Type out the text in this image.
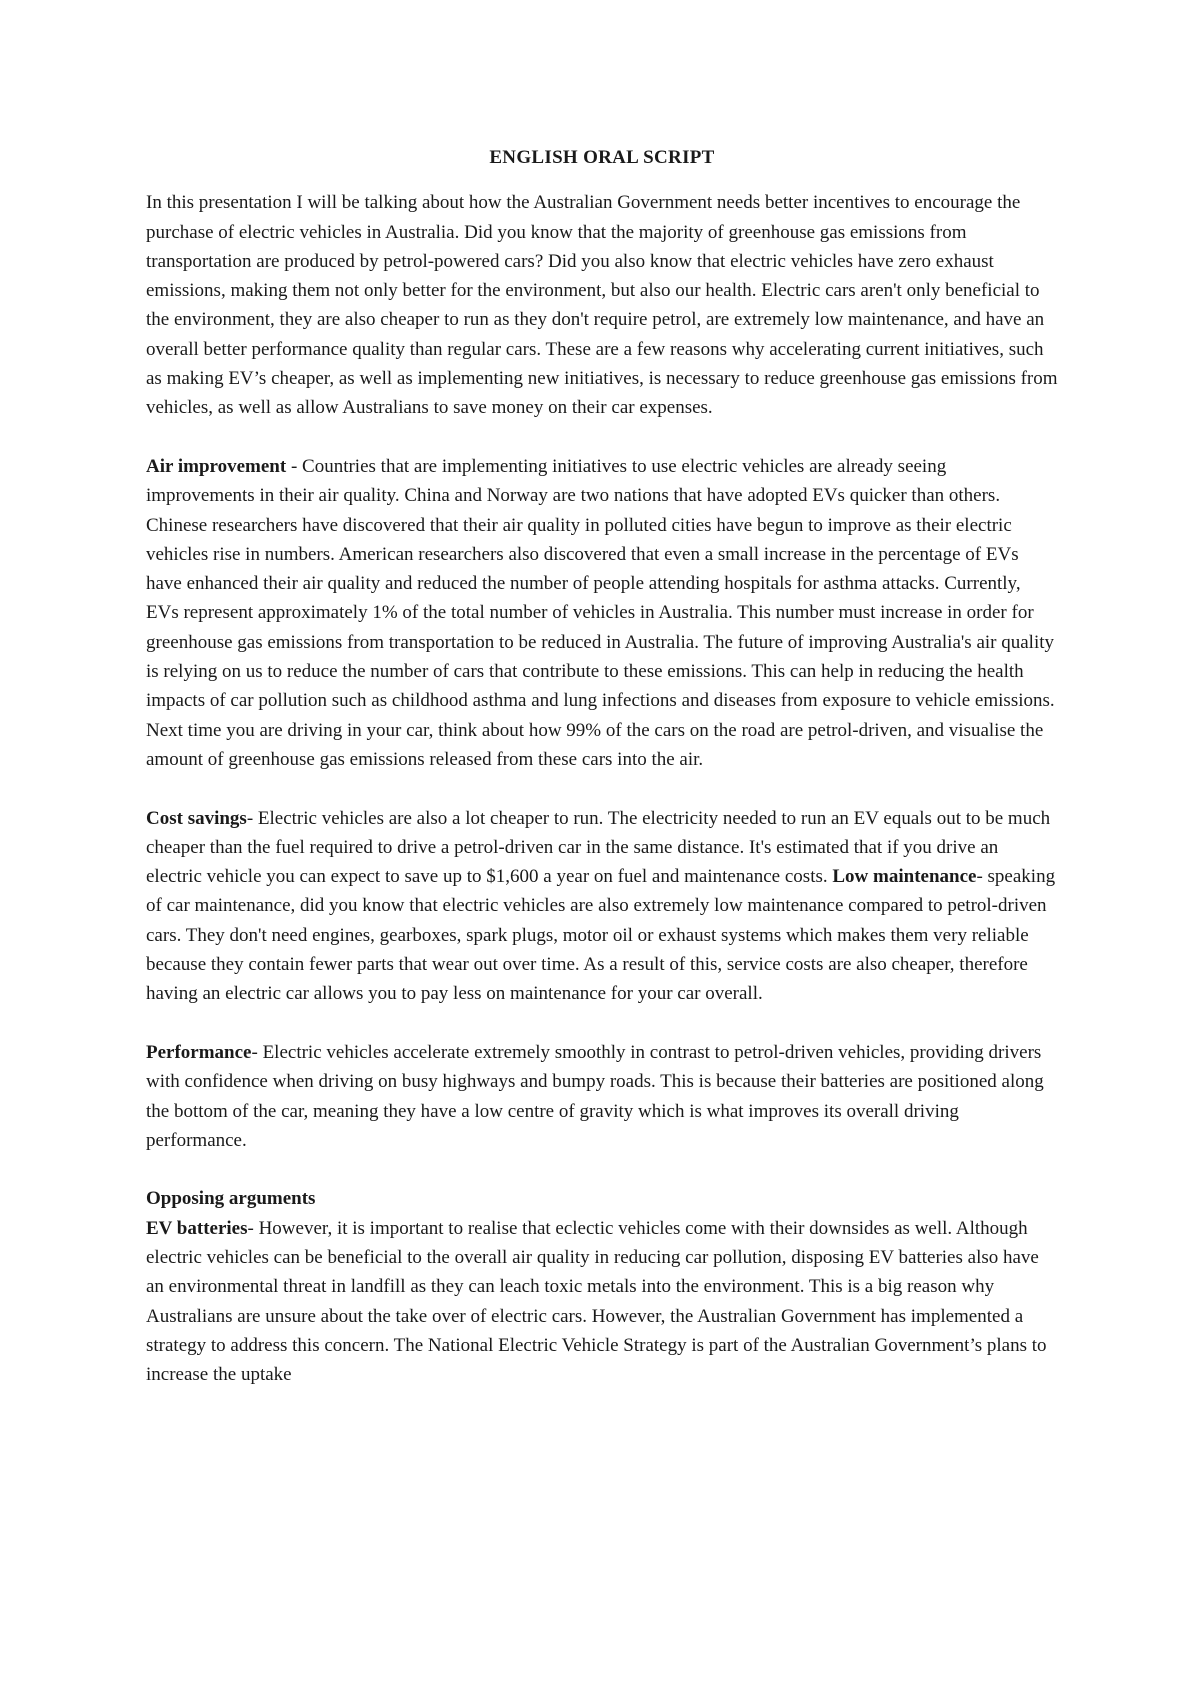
ENGLISH ORAL SCRIPT

In this presentation I will be talking about how the Australian Government needs better incentives to encourage the purchase of electric vehicles in Australia. Did you know that the majority of greenhouse gas emissions from transportation are produced by petrol-powered cars? Did you also know that electric vehicles have zero exhaust emissions, making them not only better for the environment, but also our health. Electric cars aren't only beneficial to the environment, they are also cheaper to run as they don't require petrol, are extremely low maintenance, and have an overall better performance quality than regular cars. These are a few reasons why accelerating current initiatives, such as making EV’s cheaper, as well as implementing new initiatives, is necessary to reduce greenhouse gas emissions from vehicles, as well as allow Australians to save money on their car expenses.

Air improvement - Countries that are implementing initiatives to use electric vehicles are already seeing improvements in their air quality. China and Norway are two nations that have adopted EVs quicker than others. Chinese researchers have discovered that their air quality in polluted cities have begun to improve as their electric vehicles rise in numbers. American researchers also discovered that even a small increase in the percentage of EVs have enhanced their air quality and reduced the number of people attending hospitals for asthma attacks. Currently, EVs represent approximately 1% of the total number of vehicles in Australia. This number must increase in order for greenhouse gas emissions from transportation to be reduced in Australia. The future of improving Australia's air quality is relying on us to reduce the number of cars that contribute to these emissions. This can help in reducing the health impacts of car pollution such as childhood asthma and lung infections and diseases from exposure to vehicle emissions. Next time you are driving in your car, think about how 99% of the cars on the road are petrol-driven, and visualise the amount of greenhouse gas emissions released from these cars into the air.

Cost savings- Electric vehicles are also a lot cheaper to run. The electricity needed to run an EV equals out to be much cheaper than the fuel required to drive a petrol-driven car in the same distance. It's estimated that if you drive an electric vehicle you can expect to save up to $1,600 a year on fuel and maintenance costs. Low maintenance- speaking of car maintenance, did you know that electric vehicles are also extremely low maintenance compared to petrol-driven cars. They don't need engines, gearboxes, spark plugs, motor oil or exhaust systems which makes them very reliable because they contain fewer parts that wear out over time. As a result of this, service costs are also cheaper, therefore having an electric car allows you to pay less on maintenance for your car overall.

Performance- Electric vehicles accelerate extremely smoothly in contrast to petrol-driven vehicles, providing drivers with confidence when driving on busy highways and bumpy roads. This is because their batteries are positioned along the bottom of the car, meaning they have a low centre of gravity which is what improves its overall driving performance.

Opposing arguments

EV batteries- However, it is important to realise that eclectic vehicles come with their downsides as well. Although electric vehicles can be beneficial to the overall air quality in reducing car pollution, disposing EV batteries also have an environmental threat in landfill as they can leach toxic metals into the environment. This is a big reason why Australians are unsure about the take over of electric cars. However, the Australian Government has implemented a strategy to address this concern. The National Electric Vehicle Strategy is part of the Australian Government’s plans to increase the uptake
